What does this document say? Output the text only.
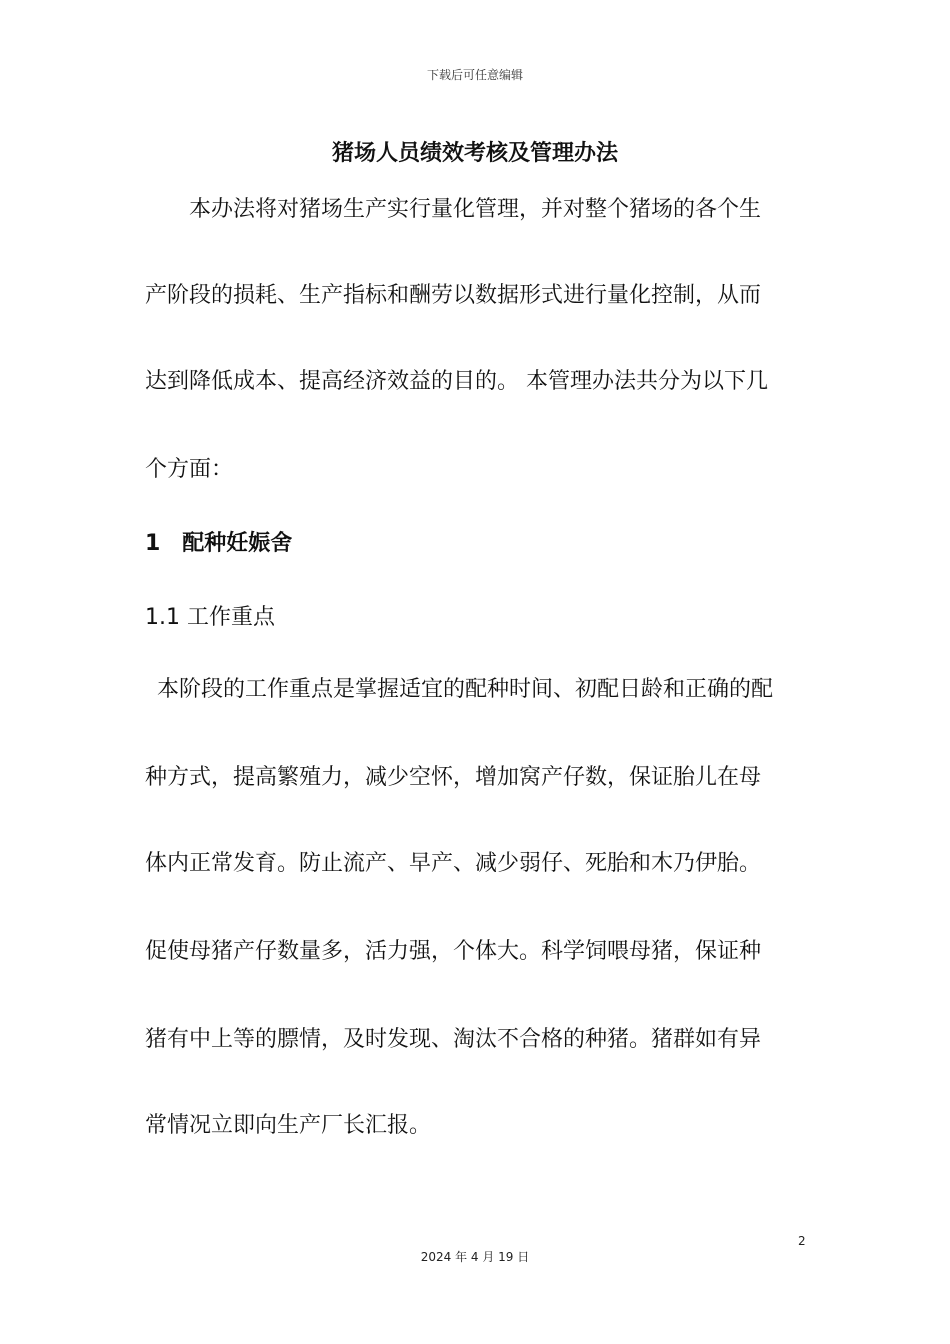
下载后可任意编辑
猪场人员绩效考核及管理办法
本办法将对猪场生产实行量化管理，并对整个猪场的各个生
产阶段的损耗、生产指标和酬劳以数据形式进行量化控制，从而
达到降低成本、提高经济效益的目的。 本管理办法共分为以下几
个方面：
1　配种妊娠舍
1.1 工作重点
本阶段的工作重点是掌握适宜的配种时间、初配日龄和正确的配
种方式，提高繁殖力，减少空怀，增加窝产仔数，保证胎儿在母
体内正常发育。防止流产、早产、减少弱仔、死胎和木乃伊胎。
促使母猪产仔数量多，活力强，个体大。科学饲喂母猪，保证种
猪有中上等的膘情，及时发现、淘汰不合格的种猪。猪群如有异
常情况立即向生产厂长汇报。
2
2024 年 4 月 19 日
